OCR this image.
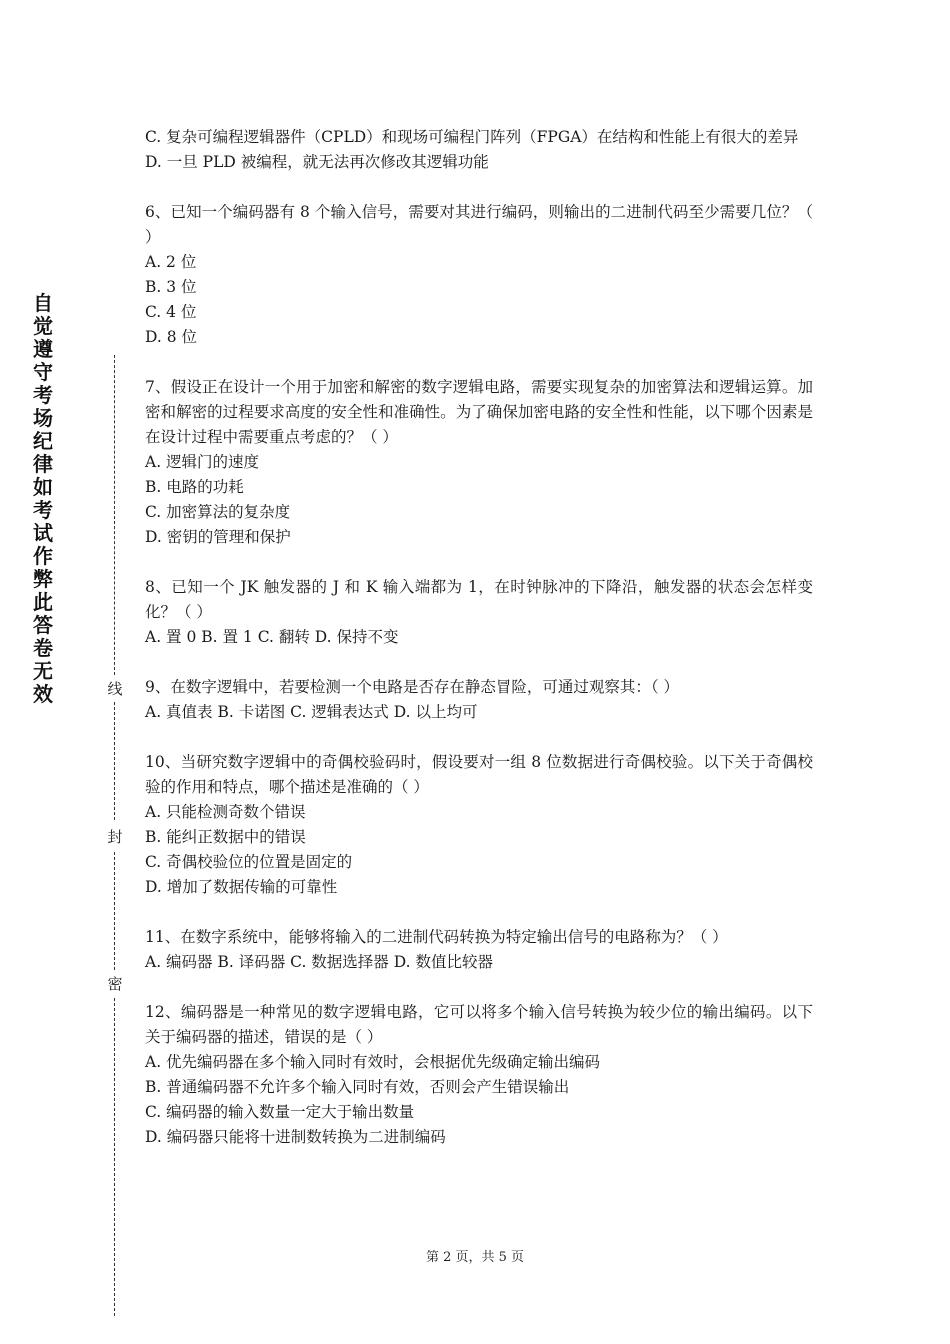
自觉遵守考场纪律如考试作弊此答卷无效	线
封
密

C. 复杂可编程逻辑器件（CPLD）和现场可编程门阵列（FPGA）在结构和性能上有很大的差异

D. 一旦 PLD 被编程，就无法再次修改其逻辑功能

6、已知一个编码器有 8 个输入信号，需要对其进行编码，则输出的二进制代码至少需要几位？（ ）

A. 2 位

B. 3 位

C. 4 位

D. 8 位

7、假设正在设计一个用于加密和解密的数字逻辑电路，需要实现复杂的加密算法和逻辑运算。加密和解密的过程要求高度的安全性和准确性。为了确保加密电路的安全性和性能，以下哪个因素是在设计过程中需要重点考虑的？（ ）

A. 逻辑门的速度

B. 电路的功耗

C. 加密算法的复杂度

D. 密钥的管理和保护

8、已知一个 JK 触发器的 J 和 K 输入端都为 1，在时钟脉冲的下降沿，触发器的状态会怎样变化？（ ）

A. 置 0 B. 置 1 C. 翻转 D. 保持不变

9、在数字逻辑中，若要检测一个电路是否存在静态冒险，可通过观察其：（ ）

A. 真值表 B. 卡诺图 C. 逻辑表达式 D. 以上均可

10、当研究数字逻辑中的奇偶校验码时，假设要对一组 8 位数据进行奇偶校验。以下关于奇偶校验的作用和特点，哪个描述是准确的（ ）

A. 只能检测奇数个错误

B. 能纠正数据中的错误

C. 奇偶校验位的位置是固定的

D. 增加了数据传输的可靠性

11、在数字系统中，能够将输入的二进制代码转换为特定输出信号的电路称为？（ ）

A. 编码器 B. 译码器 C. 数据选择器 D. 数值比较器

12、编码器是一种常见的数字逻辑电路，它可以将多个输入信号转换为较少位的输出编码。以下关于编码器的描述，错误的是（ ）

A. 优先编码器在多个输入同时有效时，会根据优先级确定输出编码

B. 普通编码器不允许多个输入同时有效，否则会产生错误输出

C. 编码器的输入数量一定大于输出数量

D. 编码器只能将十进制数转换为二进制编码

第 2 页，共 5 页
